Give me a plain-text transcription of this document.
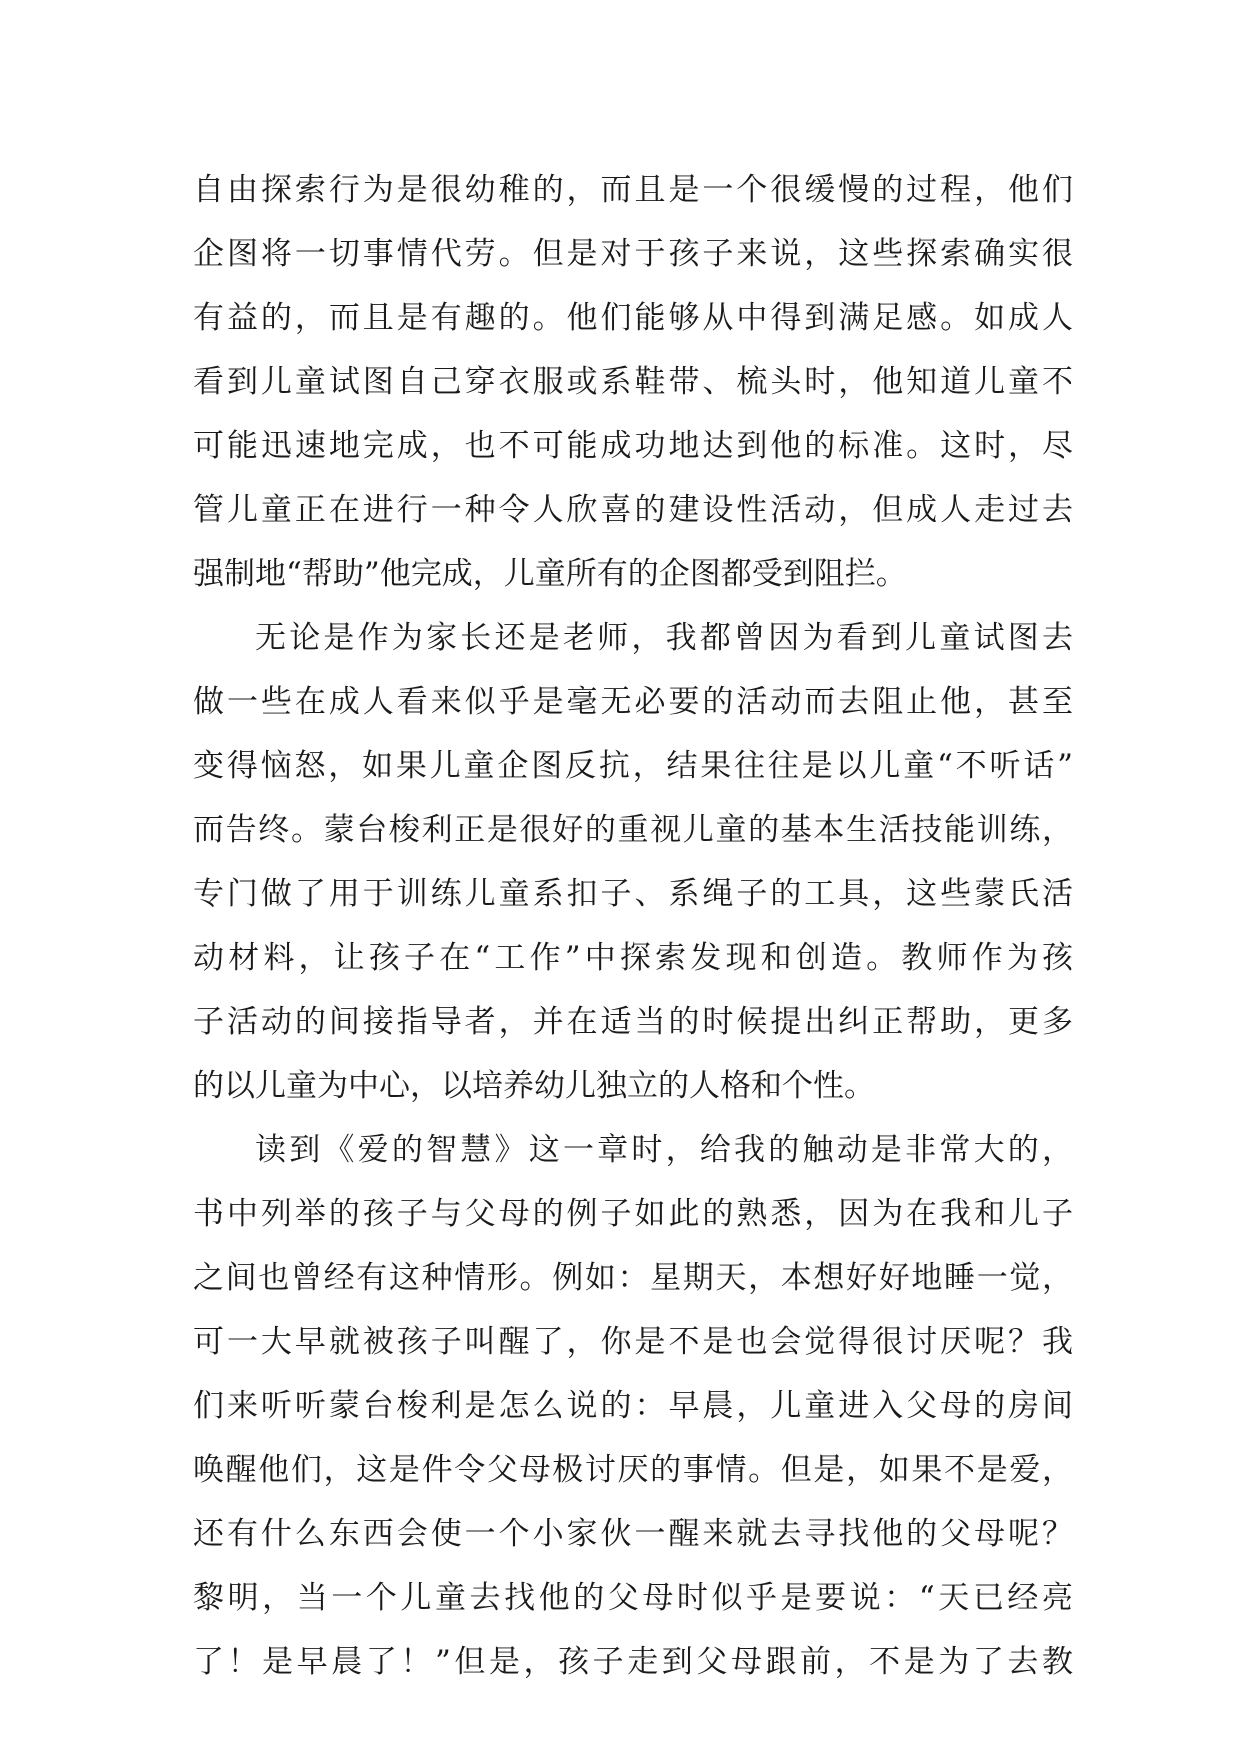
自由探索行为是很幼稚的，而且是一个很缓慢的过程，他们
企图将一切事情代劳。但是对于孩子来说，这些探索确实很
有益的，而且是有趣的。他们能够从中得到满足感。如成人
看到儿童试图自己穿衣服或系鞋带、梳头时，他知道儿童不
可能迅速地完成，也不可能成功地达到他的标准。这时，尽
管儿童正在进行一种令人欣喜的建设性活动，但成人走过去
强制地“帮助”他完成，儿童所有的企图都受到阻拦。
无论是作为家长还是老师，我都曾因为看到儿童试图去
做一些在成人看来似乎是毫无必要的活动而去阻止他，甚至
变得恼怒，如果儿童企图反抗，结果往往是以儿童“不听话”
而告终。蒙台梭利正是很好的重视儿童的基本生活技能训练，
专门做了用于训练儿童系扣子、系绳子的工具，这些蒙氏活
动材料，让孩子在“工作”中探索发现和创造。教师作为孩
子活动的间接指导者，并在适当的时候提出纠正帮助，更多
的以儿童为中心，以培养幼儿独立的人格和个性。
读到《爱的智慧》这一章时，给我的触动是非常大的，
书中列举的孩子与父母的例子如此的熟悉，因为在我和儿子
之间也曾经有这种情形。例如：星期天，本想好好地睡一觉，
可一大早就被孩子叫醒了，你是不是也会觉得很讨厌呢？我
们来听听蒙台梭利是怎么说的：早晨，儿童进入父母的房间
唤醒他们，这是件令父母极讨厌的事情。但是，如果不是爱，
还有什么东西会使一个小家伙一醒来就去寻找他的父母呢？
黎明，当一个儿童去找他的父母时似乎是要说：“天已经亮
了！是早晨了！”但是，孩子走到父母跟前，不是为了去教
